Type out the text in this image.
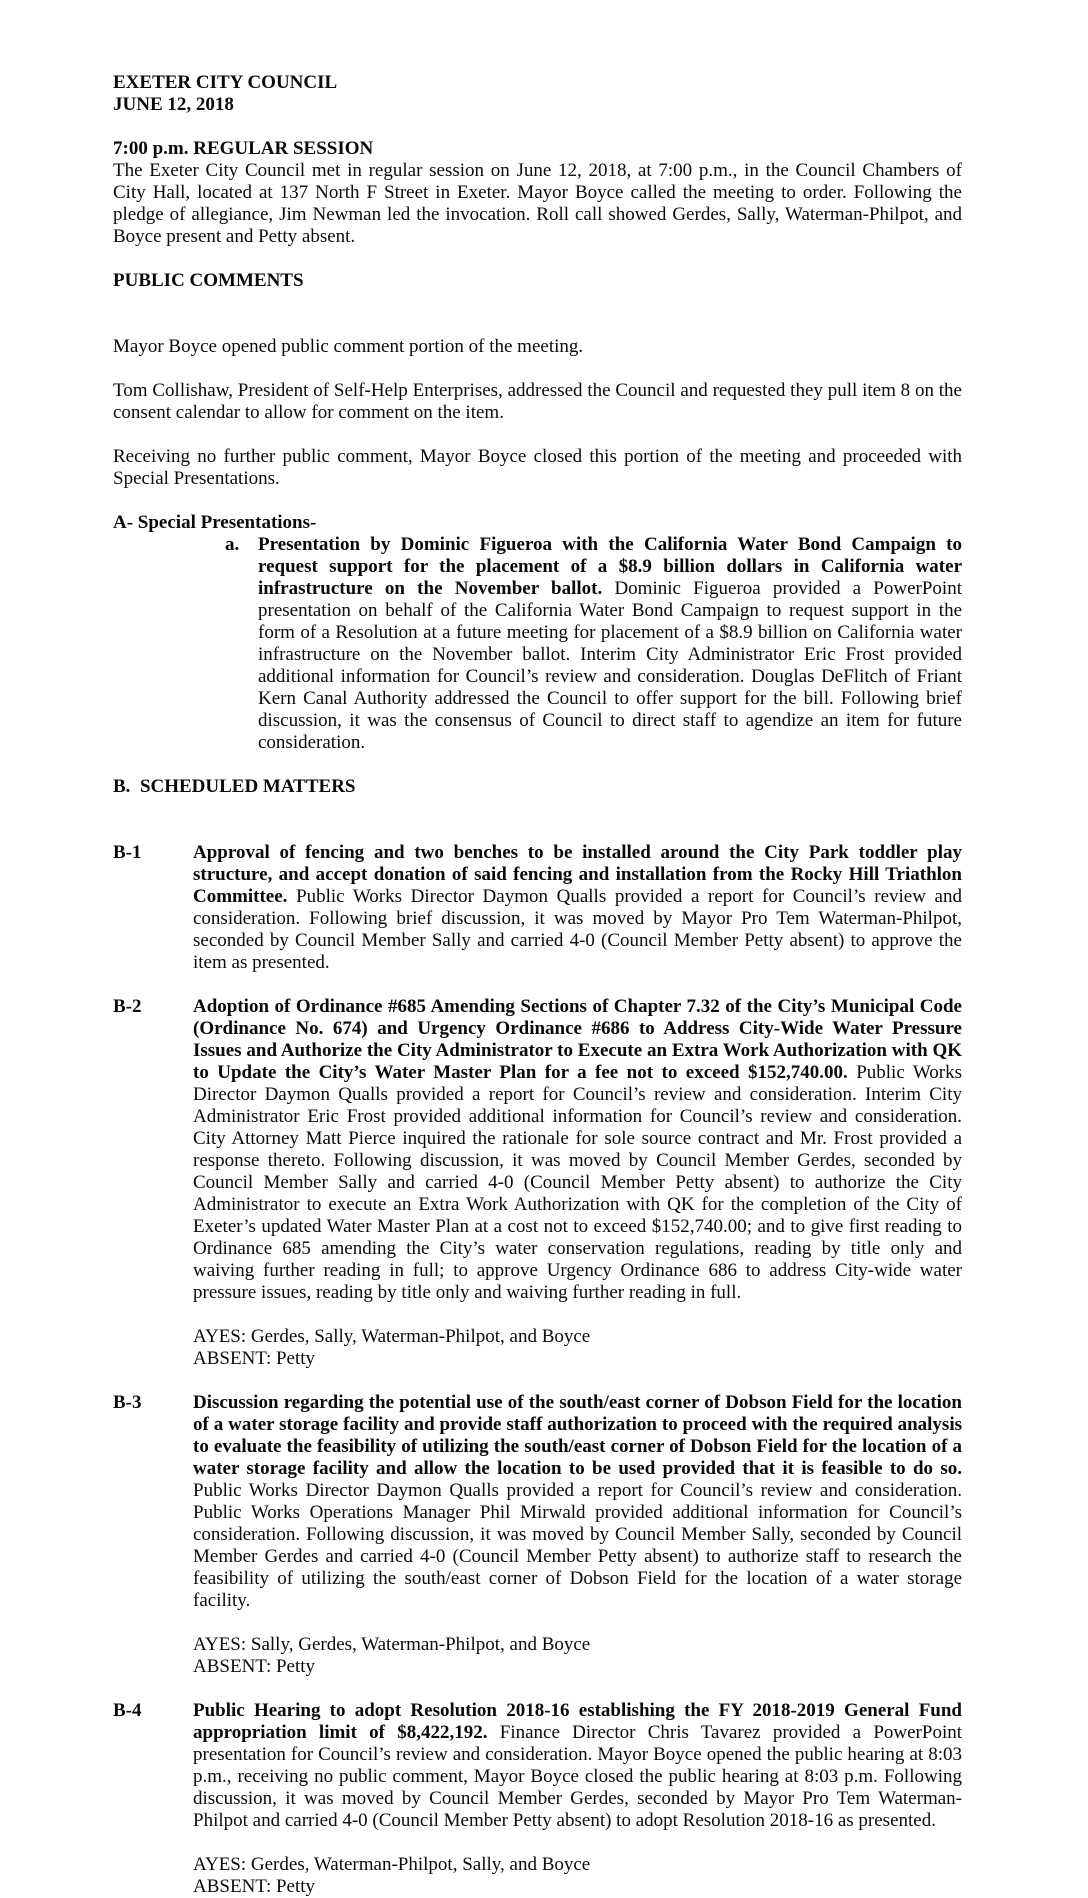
EXETER CITY COUNCIL
JUNE 12, 2018
7:00 p.m. REGULAR SESSION

The Exeter City Council met in regular session on June 12, 2018, at 7:00 p.m., in the Council Chambers of City Hall, located at 137 North F Street in Exeter. Mayor Boyce called the meeting to order. Following the pledge of allegiance, Jim Newman led the invocation. Roll call showed Gerdes, Sally, Waterman-Philpot, and Boyce present and Petty absent.

PUBLIC COMMENTS

Mayor Boyce opened public comment portion of the meeting.

Tom Collishaw, President of Self-Help Enterprises, addressed the Council and requested they pull item 8 on the consent calendar to allow for comment on the item.

Receiving no further public comment, Mayor Boyce closed this portion of the meeting and proceeded with Special Presentations.

A- Special Presentations-
a. Presentation by Dominic Figueroa with the California Water Bond Campaign to request support for the placement of a $8.9 billion dollars in California water infrastructure on the November ballot. Dominic Figueroa provided a PowerPoint presentation on behalf of the California Water Bond Campaign to request support in the form of a Resolution at a future meeting for placement of a $8.9 billion on California water infrastructure on the November ballot. Interim City Administrator Eric Frost provided additional information for Council’s review and consideration. Douglas DeFlitch of Friant Kern Canal Authority addressed the Council to offer support for the bill. Following brief discussion, it was the consensus of Council to direct staff to agendize an item for future consideration.

B. SCHEDULED MATTERS
B-1	Approval of fencing and two benches to be installed around the City Park toddler play structure, and accept donation of said fencing and installation from the Rocky Hill Triathlon Committee. Public Works Director Daymon Qualls provided a report for Council’s review and consideration. Following brief discussion, it was moved by Mayor Pro Tem Waterman-Philpot, seconded by Council Member Sally and carried 4-0 (Council Member Petty absent) to approve the item as presented.

B-2	Adoption of Ordinance #685 Amending Sections of Chapter 7.32 of the City’s Municipal Code (Ordinance No. 674) and Urgency Ordinance #686 to Address City-Wide Water Pressure Issues and Authorize the City Administrator to Execute an Extra Work Authorization with QK to Update the City’s Water Master Plan for a fee not to exceed $152,740.00. Public Works Director Daymon Qualls provided a report for Council’s review and consideration. Interim City Administrator Eric Frost provided additional information for Council’s review and consideration. City Attorney Matt Pierce inquired the rationale for sole source contract and Mr. Frost provided a response thereto. Following discussion, it was moved by Council Member Gerdes, seconded by Council Member Sally and carried 4-0 (Council Member Petty absent) to authorize the City Administrator to execute an Extra Work Authorization with QK for the completion of the City of Exeter’s updated Water Master Plan at a cost not to exceed $152,740.00; and to give first reading to Ordinance 685 amending the City’s water conservation regulations, reading by title only and waiving further reading in full; to approve Urgency Ordinance 686 to address City-wide water pressure issues, reading by title only and waiving further reading in full.

AYES: Gerdes, Sally, Waterman-Philpot, and Boyce
ABSENT: Petty
B-3	Discussion regarding the potential use of the south/east corner of Dobson Field for the location of a water storage facility and provide staff authorization to proceed with the required analysis to evaluate the feasibility of utilizing the south/east corner of Dobson Field for the location of a water storage facility and allow the location to be used provided that it is feasible to do so. Public Works Director Daymon Qualls provided a report for Council’s review and consideration. Public Works Operations Manager Phil Mirwald provided additional information for Council’s consideration. Following discussion, it was moved by Council Member Sally, seconded by Council Member Gerdes and carried 4-0 (Council Member Petty absent) to authorize staff to research the feasibility of utilizing the south/east corner of Dobson Field for the location of a water storage facility.

AYES: Sally, Gerdes, Waterman-Philpot, and Boyce
ABSENT: Petty
B-4	Public Hearing to adopt Resolution 2018-16 establishing the FY 2018-2019 General Fund appropriation limit of $8,422,192. Finance Director Chris Tavarez provided a PowerPoint presentation for Council’s review and consideration. Mayor Boyce opened the public hearing at 8:03 p.m., receiving no public comment, Mayor Boyce closed the public hearing at 8:03 p.m. Following discussion, it was moved by Council Member Gerdes, seconded by Mayor Pro Tem Waterman-Philpot and carried 4-0 (Council Member Petty absent) to adopt Resolution 2018-16 as presented.

AYES: Gerdes, Waterman-Philpot, Sally, and Boyce
ABSENT: Petty
